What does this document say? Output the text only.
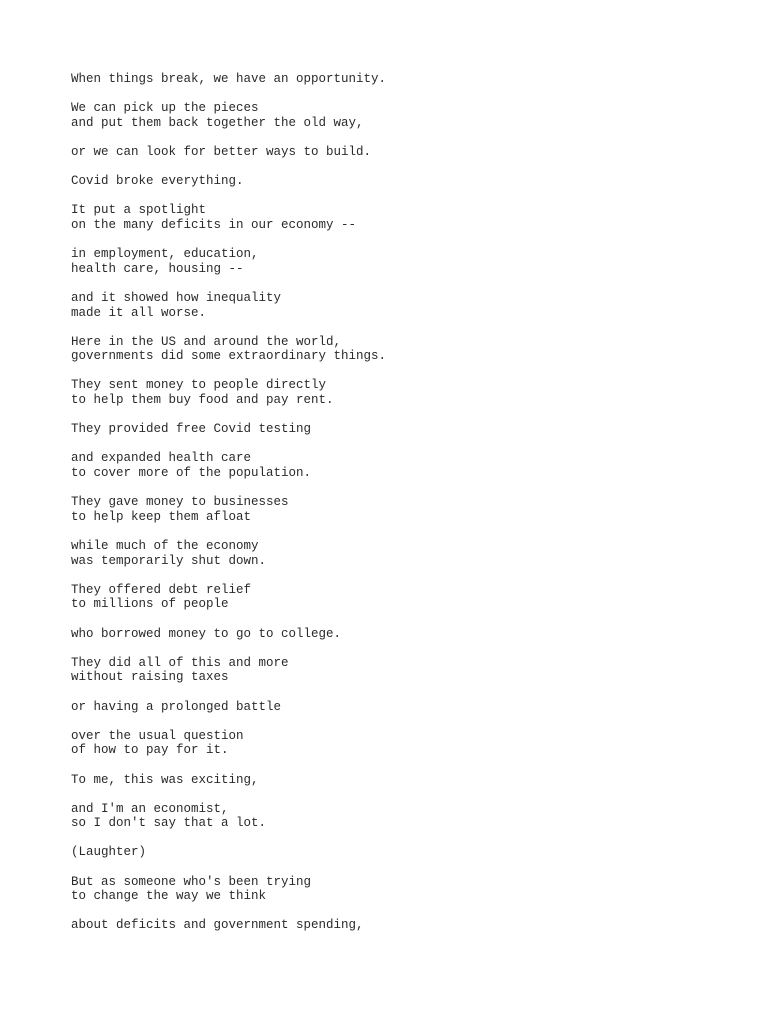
When things break, we have an opportunity.

We can pick up the pieces
and put them back together the old way,

or we can look for better ways to build.

Covid broke everything.

It put a spotlight
on the many deficits in our economy --

in employment, education,
health care, housing --

and it showed how inequality
made it all worse.

Here in the US and around the world,
governments did some extraordinary things.

They sent money to people directly
to help them buy food and pay rent.

They provided free Covid testing

and expanded health care
to cover more of the population.

They gave money to businesses
to help keep them afloat

while much of the economy
was temporarily shut down.

They offered debt relief
to millions of people

who borrowed money to go to college.

They did all of this and more
without raising taxes

or having a prolonged battle

over the usual question
of how to pay for it.

To me, this was exciting,

and I'm an economist,
so I don't say that a lot.

(Laughter)

But as someone who's been trying
to change the way we think

about deficits and government spending,
